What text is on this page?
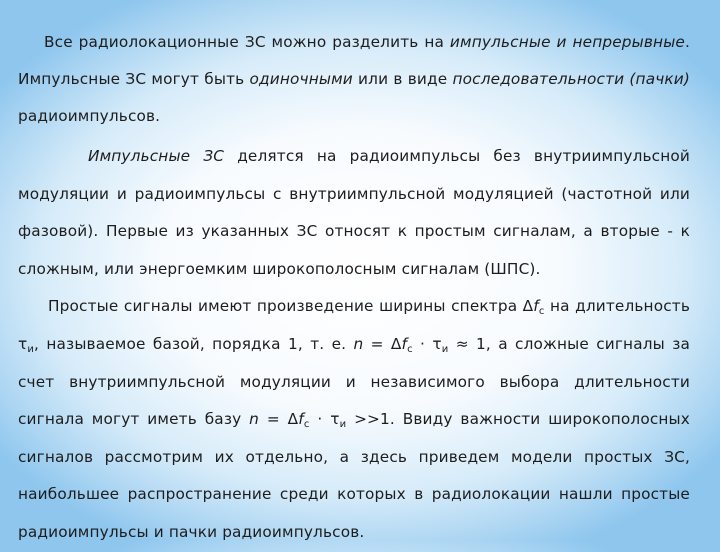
Все радиолокационные ЗС можно разделить на импульсные и непрерывные. Импульсные ЗС могут быть одиночными или в виде последовательности (пачки) радиоимпульсов.

Импульсные ЗС делятся на радиоимпульсы без внутриимпульсной модуляции и радиоимпульсы с внутриимпульсной модуляцией (частотной или фазовой). Первые из указанных ЗС относят к простым сигналам, а вторые - к сложным, или энергоемким широкополосным сигналам (ШПС).

Простые сигналы имеют произведение ширины спектра $\Delta f_c$ на длительность $\tau_и$, называемое базой, порядка 1, т. е. $n = \Delta f_c \cdot \tau_и \approx 1$, а сложные сигналы за счет внутриимпульсной модуляции и независимого выбора длительности сигнала могут иметь базу $n = \Delta f_c \cdot \tau_и >>1$. Ввиду важности широкополосных сигналов рассмотрим их отдельно, а здесь приведем модели простых ЗС, наибольшее распространение среди которых в радиолокации нашли простые радиоимпульсы и пачки радиоимпульсов.
